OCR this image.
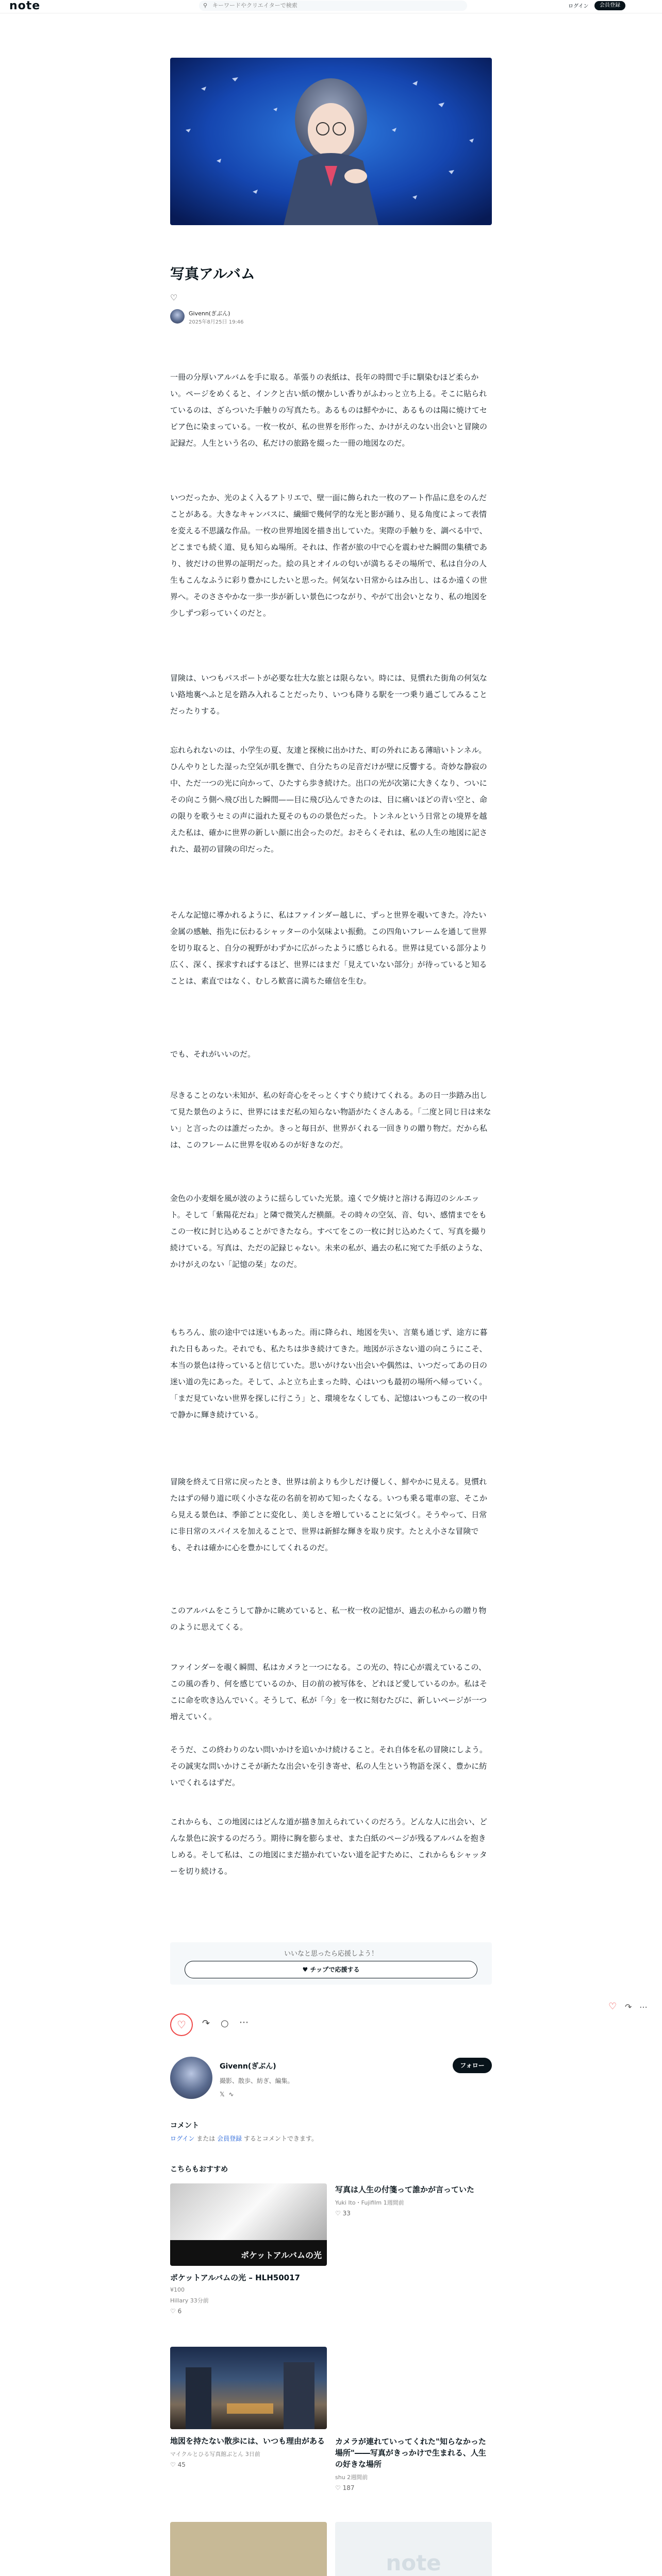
note	⚲ キーワードやクリエイターで検索	ログイン	会員登録
写真アルバム
♡
Givenn(ぎぶん)
2025年8月25日 19:46
一冊の分厚いアルバムを手に取る。革張りの表紙は、長年の時間で手に馴染むほど柔らかい。ページをめくると、インクと古い紙の懐かしい香りがふわっと立ち上る。そこに貼られているのは、ざらついた手触りの写真たち。あるものは鮮やかに、あるものは陽に焼けてセピア色に染まっている。一枚一枚が、私の世界を形作った、かけがえのない出会いと冒険の記録だ。人生という名の、私だけの旅路を綴った一冊の地図なのだ。
いつだったか、光のよく入るアトリエで、壁一面に飾られた一枚のアート作品に息をのんだことがある。大きなキャンバスに、繊細で幾何学的な光と影が踊り、見る角度によって表情を変える不思議な作品。一枚の世界地図を描き出していた。実際の手触りを、調べる中で、どこまでも続く道、見も知らぬ場所。それは、作者が旅の中で心を震わせた瞬間の集積であり、彼だけの世界の証明だった。絵の具とオイルの匂いが満ちるその場所で、私は自分の人生もこんなふうに彩り豊かにしたいと思った。何気ない日常からはみ出し、はるか遠くの世界へ。そのささやかな一歩一歩が新しい景色につながり、やがて出会いとなり、私の地図を少しずつ彩っていくのだと。
冒険は、いつもパスポートが必要な壮大な旅とは限らない。時には、見慣れた街角の何気ない路地裏へふと足を踏み入れることだったり、いつも降りる駅を一つ乗り過ごしてみることだったりする。
忘れられないのは、小学生の夏、友達と探検に出かけた、町の外れにある薄暗いトンネル。ひんやりとした湿った空気が肌を撫で、自分たちの足音だけが壁に反響する。奇妙な静寂の中、ただ一つの光に向かって、ひたすら歩き続けた。出口の光が次第に大きくなり、ついにその向こう側へ飛び出した瞬間——目に飛び込んできたのは、目に痛いほどの青い空と、命の限りを歌うセミの声に溢れた夏そのものの景色だった。トンネルという日常との境界を越えた私は、確かに世界の新しい顔に出会ったのだ。おそらくそれは、私の人生の地図に記された、最初の冒険の印だった。
そんな記憶に導かれるように、私はファインダー越しに、ずっと世界を覗いてきた。冷たい金属の感触、指先に伝わるシャッターの小気味よい振動。この四角いフレームを通して世界を切り取ると、自分の視野がわずかに広がったように感じられる。世界は見ている部分より広く、深く、探求すればするほど、世界にはまだ「見えていない部分」が待っていると知ることは、素直ではなく、むしろ歓喜に満ちた確信を生む。
でも、それがいいのだ。
尽きることのない未知が、私の好奇心をそっとくすぐり続けてくれる。あの日一歩踏み出して見た景色のように、世界にはまだ私の知らない物語がたくさんある。「二度と同じ日は来ない」と言ったのは誰だったか。きっと毎日が、世界がくれる一回きりの贈り物だ。だから私は、このフレームに世界を収めるのが好きなのだ。
金色の小麦畑を風が波のように揺らしていた光景。遠くで夕焼けと溶ける海辺のシルエット。そして「紫陽花だね」と隣で微笑んだ横顔。その時々の空気、音、匂い、感情までをもこの一枚に封じ込めることができたなら。すべてをこの一枚に封じ込めたくて、写真を撮り続けている。写真は、ただの記録じゃない。未来の私が、過去の私に宛てた手紙のような、かけがえのない「記憶の栞」なのだ。
もちろん、旅の途中では迷いもあった。雨に降られ、地図を失い、言葉も通じず、途方に暮れた日もあった。それでも、私たちは歩き続けてきた。地図が示さない道の向こうにこそ、本当の景色は待っていると信じていた。思いがけない出会いや偶然は、いつだってあの日の迷い道の先にあった。そして、ふと立ち止まった時、心はいつも最初の場所へ帰っていく。「まだ見ていない世界を探しに行こう」と、環境をなくしても、記憶はいつもこの一枚の中で静かに輝き続けている。
冒険を終えて日常に戻ったとき、世界は前よりも少しだけ優しく、鮮やかに見える。見慣れたはずの帰り道に咲く小さな花の名前を初めて知ったくなる。いつも乗る電車の窓、そこから見える景色は、季節ごとに変化し、美しさを増していることに気づく。そうやって、日常に非日常のスパイスを加えることで、世界は新鮮な輝きを取り戻す。たとえ小さな冒険でも、それは確かに心を豊かにしてくれるのだ。
このアルバムをこうして静かに眺めていると、私一枚一枚の記憶が、過去の私からの贈り物のように思えてくる。
ファインダーを覗く瞬間、私はカメラと一つになる。この光の、特に心が震えているこの、この風の香り、何を感じているのか、目の前の被写体を、どれほど愛しているのか。私はそこに命を吹き込んでいく。そうして、私が「今」を一枚に刻むたびに、新しいページが一つ増えていく。
そうだ、この終わりのない問いかけを追いかけ続けること。それ自体を私の冒険にしよう。その誠実な問いかけこそが新たな出会いを引き寄せ、私の人生という物語を深く、豊かに紡いでくれるはずだ。
これからも、この地図にはどんな道が描き加えられていくのだろう。どんな人に出会い、どんな景色に涙するのだろう。期待に胸を膨らませ、また白紙のページが残るアルバムを抱きしめる。そして私は、この地図にまだ描かれていない道を記すために、これからもシャッターを切り続ける。
いいなと思ったら応援しよう！
♥ チップで応援する
♡	↷ ○ ⋯
♡ ↷ ⋯
Givenn(ぎぶん)
撮影、散歩、紡ぎ、編集。
𝕏 ∿
フォロー
コメント
ログイン または 会員登録 するとコメントできます。
こちらもおすすめ
ポケットアルバムの光
ポケットアルバムの光 – HLH50017
¥100
Hillary 33分前
♡ 6
写真は人生の付箋って誰かが言っていた
Yuki Ito・Fujifilm 1週間前
♡ 33
地図を持たない散歩には、いつも理由がある
マイクルとひる写真館ぶとん 3日前
♡ 45
カメラが連れていってくれた"知らなかった場所"――写真がきっかけで生まれる、人生の好きな場所
shu 2週間前
♡ 187
note
